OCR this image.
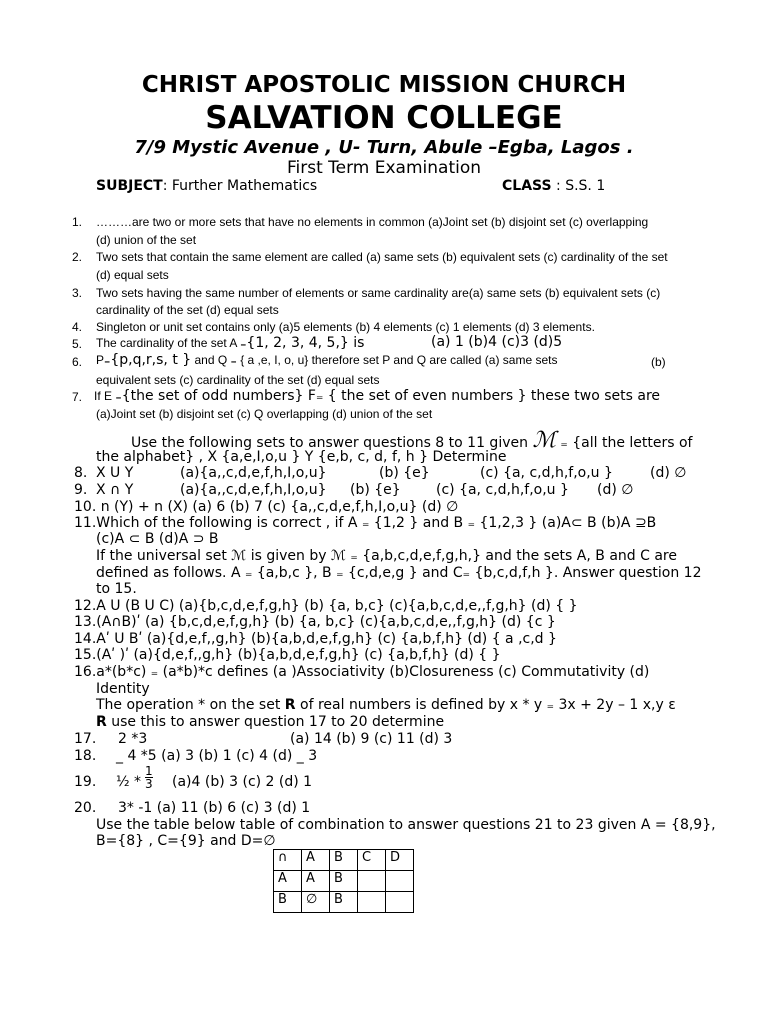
CHRIST APOSTOLIC MISSION CHURCH
SALVATION COLLEGE
7/9 Mystic Avenue , U- Turn, Abule –Egba, Lagos .
First Term Examination
SUBJECT: Further Mathematics	CLASS : S.S. 1
1. ………are two or more sets that have no elements in common (a)Joint set (b) disjoint set (c) overlapping
(d) union of the set
2. Two sets that contain the same element are called (a) same sets (b) equivalent sets (c) cardinality of the set
(d) equal sets
3. Two sets having the same number of elements or same cardinality are(a) same sets (b) equivalent sets (c)
cardinality of the set (d) equal sets
4. Singleton or unit set contains only (a)5 elements (b) 4 elements (c) 1 elements (d) 3 elements.
5. The cardinality of the set A ₌{1, 2, 3, 4, 5,} is	(a) 1 (b)4 (c)3 (d)5
6. P₌{p,q,r,s, t } and Q ₌ { a ,e, I, o, u} therefore set P and Q are called (a) same sets	(b)
equivalent sets (c) cardinality of the set (d) equal sets
7. If E ₌{the set of odd numbers} F₌ { the set of even numbers } these two sets are
(a)Joint set (b) disjoint set (c) Q overlapping (d) union of the set
Use the following sets to answer questions 8 to 11 given ℳ ₌ {all the letters of
the alphabet} , X {a,e,I,o,u } Y {e,b, c, d, f, h } Determine
8. X U Y	(a){a,,c,d,e,f,h,I,o,u}	(b) {e}	(c) {a, c,d,h,f,o,u }	(d) ∅
9. X ∩ Y	(a){a,,c,d,e,f,h,I,o,u} (b) {e}	(c) {a, c,d,h,f,o,u } (d) ∅
10. n (Y) + n (X) (a) 6 (b) 7 (c) {a,,c,d,e,f,h,I,o,u} (d) ∅
11.Which of the following is correct , if A ₌ {1,2 } and B ₌ {1,2,3 } (a)A⊂ B (b)A ⊇B
(c)A ⊂ B (d)A ⊃ B
If the universal set ℳ is given by ℳ ₌ {a,b,c,d,e,f,g,h,} and the sets A, B and C are
defined as follows. A ₌ {a,b,c }, B ₌ {c,d,e,g } and C₌ {b,c,d,f,h }. Answer question 12
to 15.
12.A U (B U C) (a){b,c,d,e,f,g,h} (b) {a, b,c} (c){a,b,c,d,e,,f,g,h} (d) { }
13.(A∩B)ʹ (a) {b,c,d,e,f,g,h} (b) {a, b,c} (c){a,b,c,d,e,,f,g,h} (d) {c }
14.Aʹ U Bʹ (a){d,e,f,,g,h} (b){a,b,d,e,f,g,h} (c) {a,b,f,h} (d) { a ,c,d }
15.(Aʹ )ʹ (a){d,e,f,,g,h} (b){a,b,d,e,f,g,h} (c) {a,b,f,h} (d) { }
16.a*(b*c) ₌ (a*b)*c defines (a )Associativity (b)Closureness (c) Commutativity (d)
Identity
The operation * on the set R of real numbers is defined by x * y ₌ 3x + 2y – 1 x,y ε
R use this to answer question 17 to 20 determine
17. 2 *3	(a) 14 (b) 9 (c) 11 (d) 3
18. _ 4 *5 (a) 3 (b) 1 (c) 4 (d) _ 3
19. ½ * $\frac{1}{3} (a)4$ (b) 3 (c) 2 (d) 1
20. 3* -1 (a) 11 (b) 6 (c) 3 (d) 1
Use the table below table of combination to answer questions 21 to 23 given A = {8,9},
B={8} , C={9} and D=∅
∩	A	B	C	D
A	A	B		
B	∅	B		
